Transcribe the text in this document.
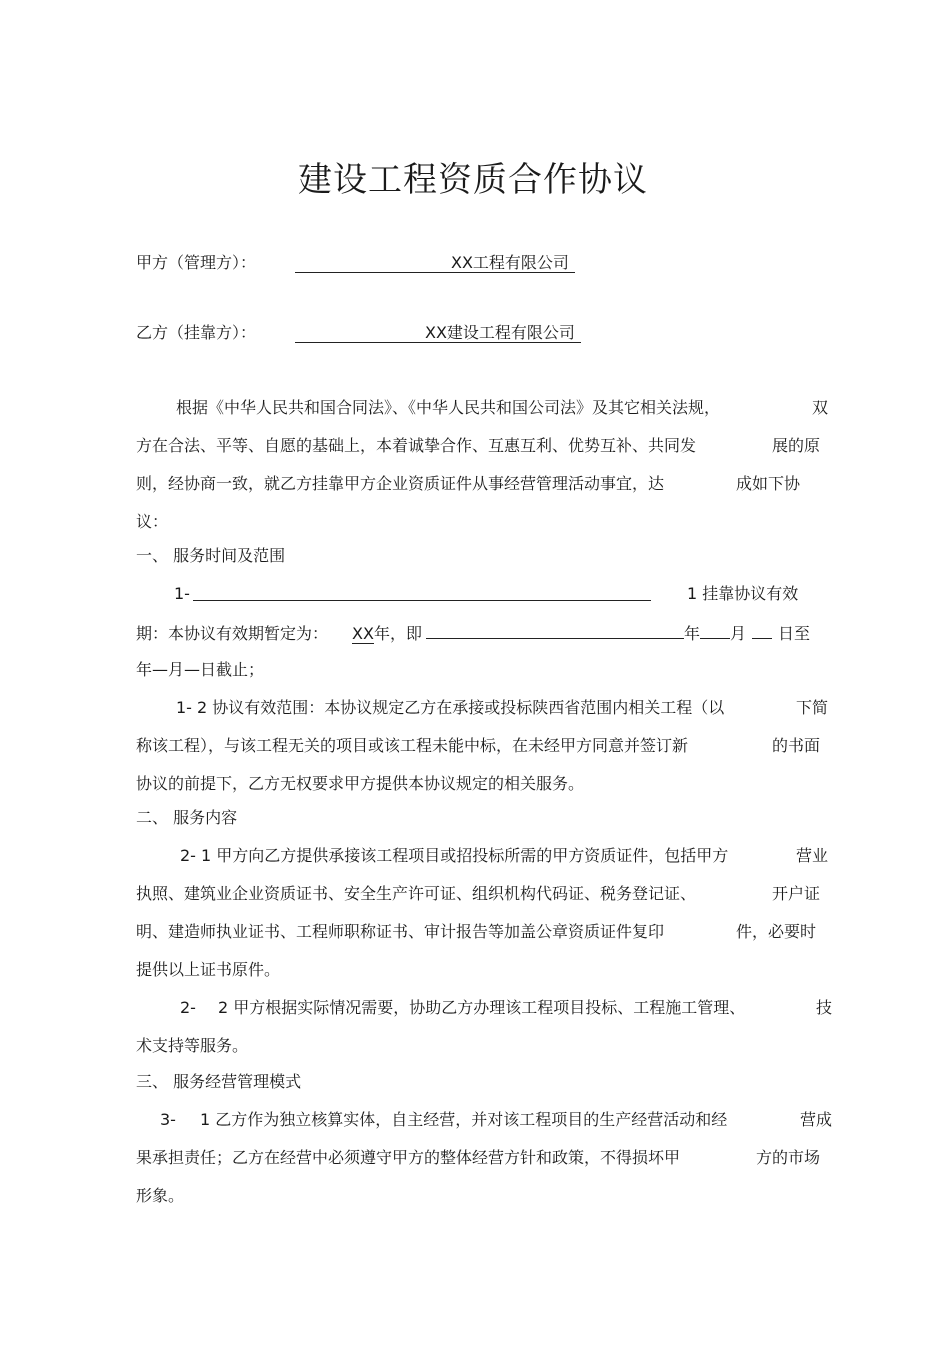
建设工程资质合作协议
甲方（管理方）：	XX工程有限公司
乙方（挂靠方）：	XX建设工程有限公司
根据《中华人民共和国合同法》、《中华人民共和国公司法》及其它相关法规，	双
方在合法、平等、自愿的基础上，本着诚挚合作、互惠互利、优势互补、共同发	展的原
则，经协商一致，就乙方挂靠甲方企业资质证件从事经营管理活动事宜，达	成如下协
议：
一、 服务时间及范围
1-	1 挂靠协议有效
期：本协议有效期暂定为： XX年，即	年 月 日至
年—月—日截止；
1- 2 协议有效范围：本协议规定乙方在承接或投标陕西省范围内相关工程（以	下简
称该工程），与该工程无关的项目或该工程未能中标，在未经甲方同意并签订新	的书面
协议的前提下，乙方无权要求甲方提供本协议规定的相关服务。
二、 服务内容
2- 1 甲方向乙方提供承接该工程项目或招投标所需的甲方资质证件，包括甲方	营业
执照、建筑业企业资质证书、安全生产许可证、组织机构代码证、税务登记证、	开户证
明、建造师执业证书、工程师职称证书、审计报告等加盖公章资质证件复印	件，必要时
提供以上证书原件。
2- 2 甲方根据实际情况需要，协助乙方办理该工程项目投标、工程施工管理、	技
术支持等服务。
三、 服务经营管理模式
3- 1 乙方作为独立核算实体，自主经营，并对该工程项目的生产经营活动和经	营成
果承担责任；乙方在经营中必须遵守甲方的整体经营方针和政策，不得损坏甲	方的市场
形象。
